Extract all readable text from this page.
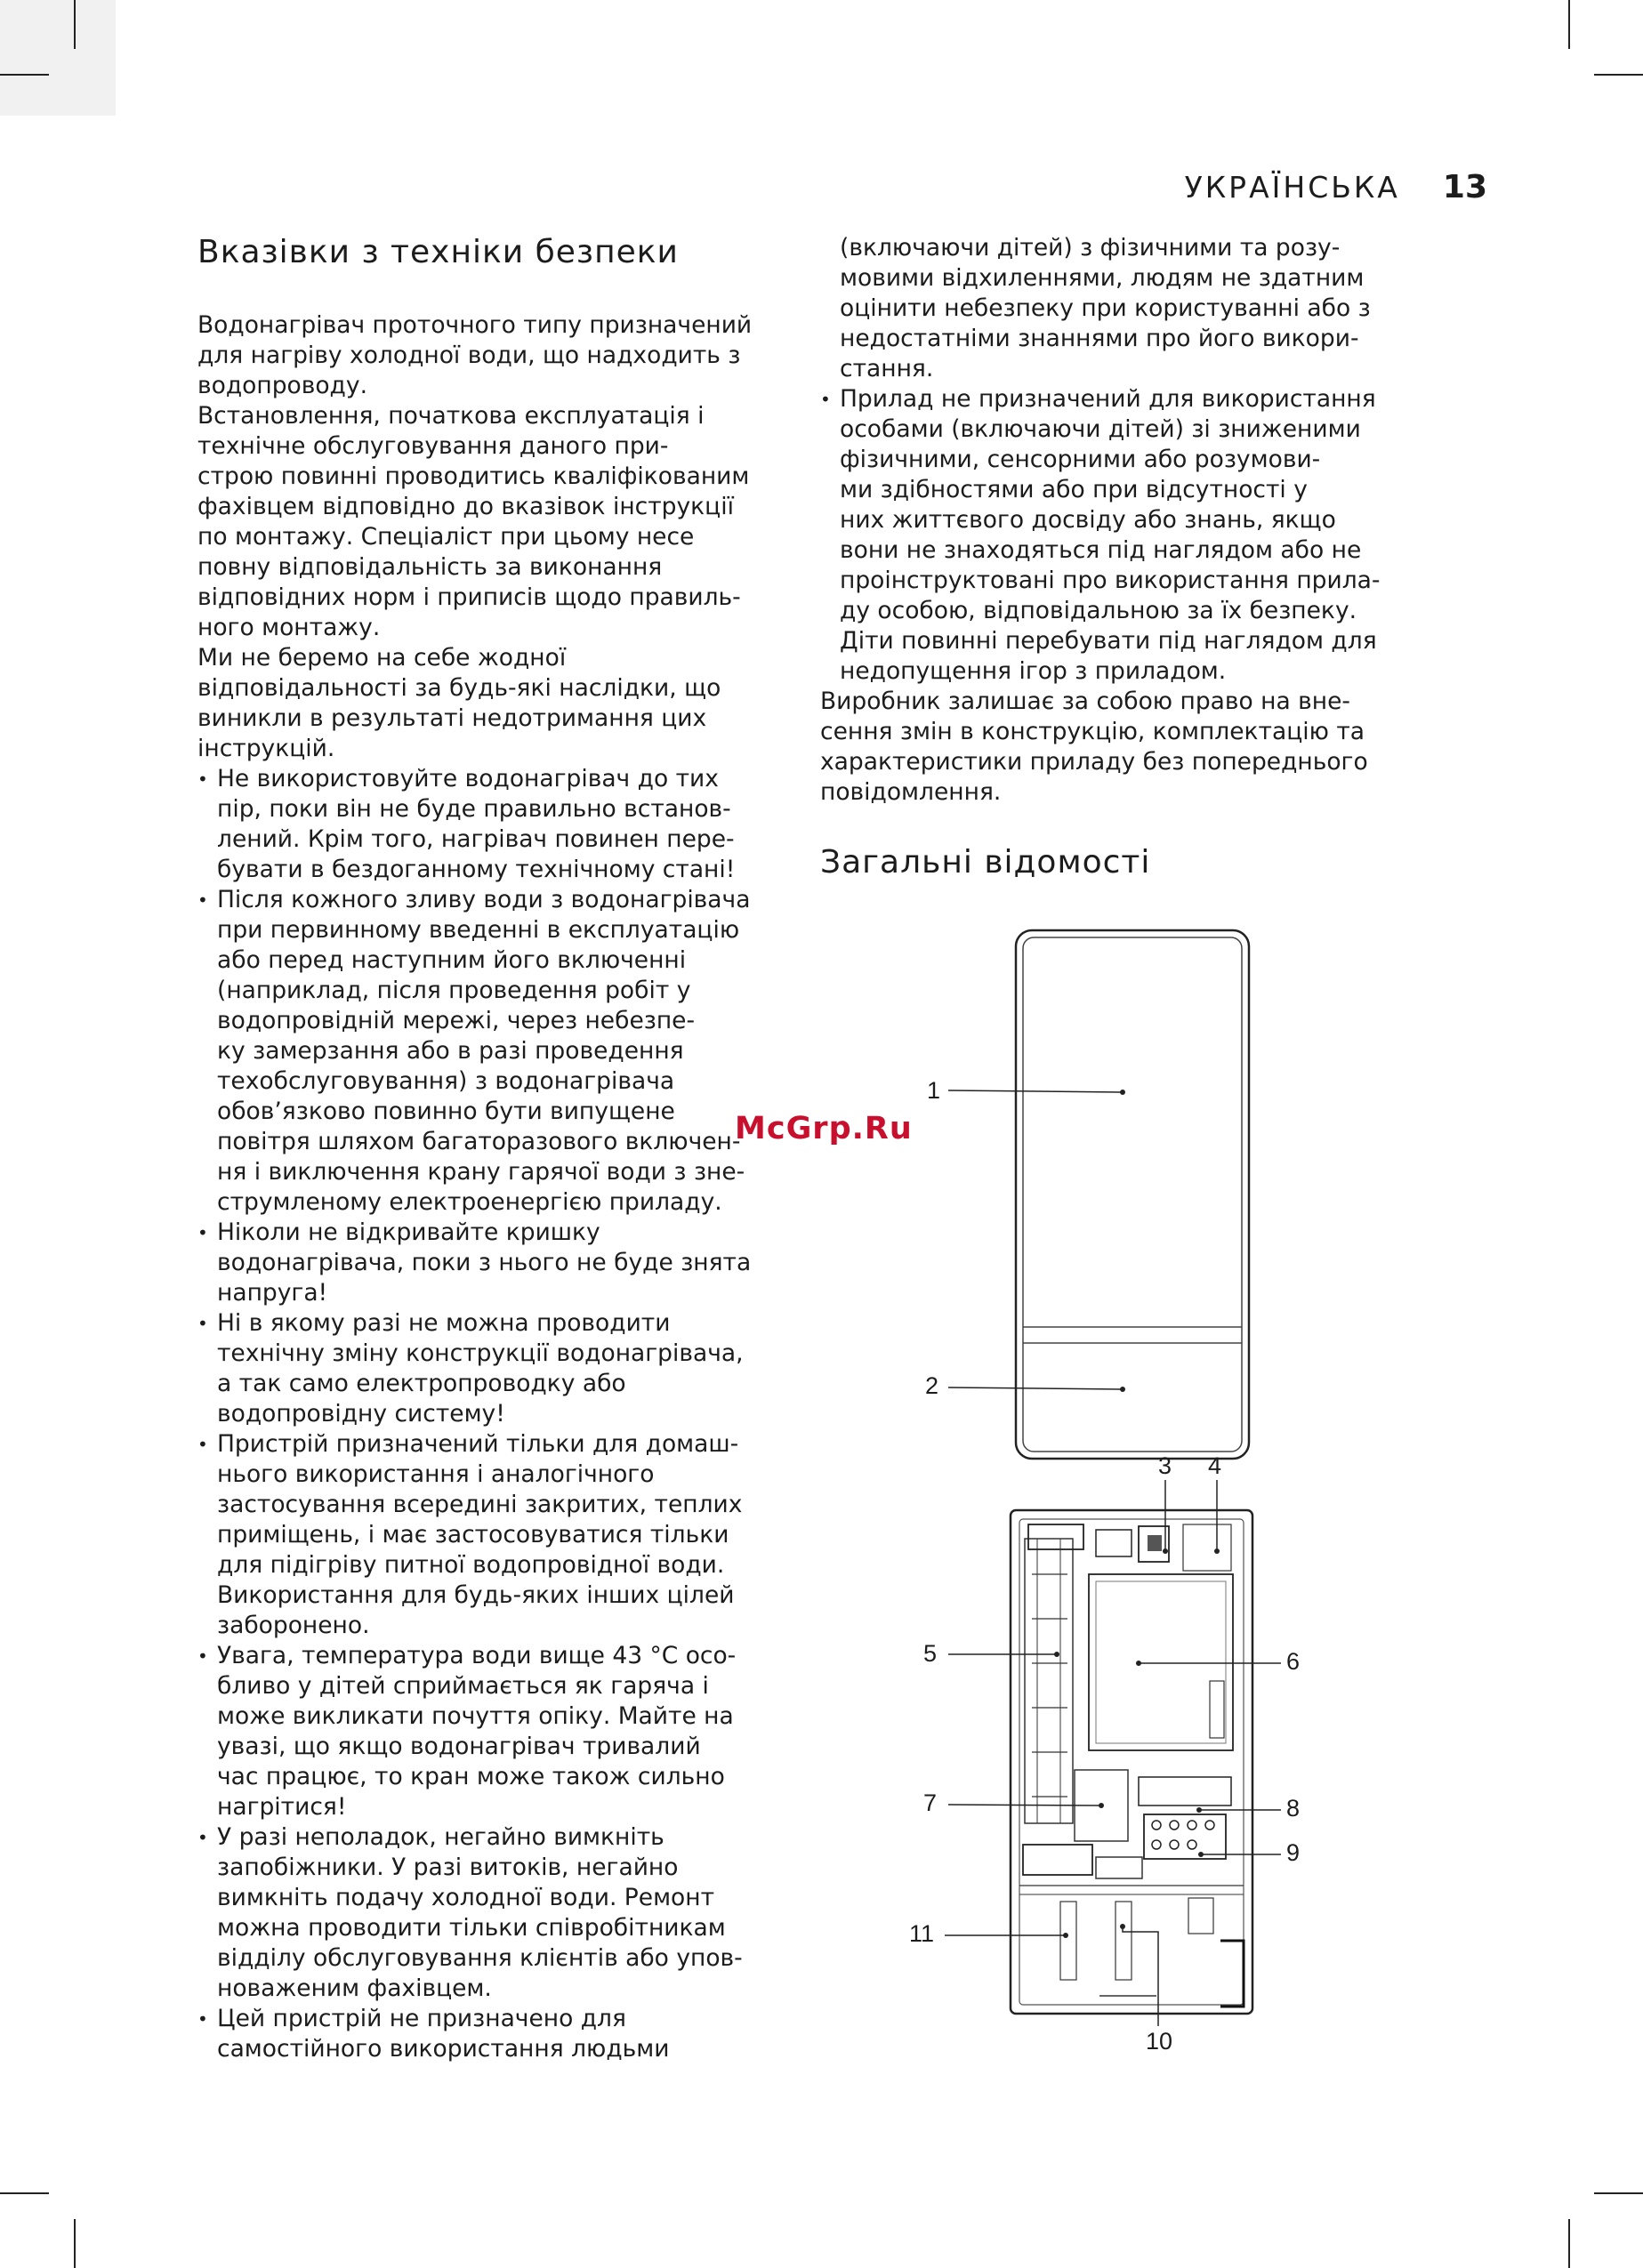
УКРАЇНСЬКА 13
Вказівки з техніки безпеки

Водонагрівач проточного типу призначений
для нагріву холодної води, що надходить з
водопроводу.

Встановлення, початкова експлуатація і
технічне обслуговування даного при-
строю повинні проводитись кваліфікованим
фахівцем відповідно до вказівок інструкції
по монтажу. Спеціаліст при цьому несе
повну відповідальність за виконання
відповідних норм і приписів щодо правиль-
ного монтажу.

Ми не беремо на себе жодної
відповідальності за будь-які наслідки, що
виникли в результаті недотримання цих
інструкцій.

• Не використовуйте водонагрівач до тих
пір, поки він не буде правильно встанов-
лений. Крім того, нагрівач повинен пере-
бувати в бездоганному технічному стані!

• Після кожного зливу води з водонагрівача
при первинному введенні в експлуатацію
або перед наступним його включенні
(наприклад, після проведення робіт у
водопровідній мережі, через небезпе-
ку замерзання або в разі проведення
техобслуговування) з водонагрівача
обов’язково повинно бути випущене
повітря шляхом багаторазового включен-
ня і виключення крану гарячої води з зне-
струмленому електроенергією приладу.

• Ніколи не відкривайте кришку
водонагрівача, поки з нього не буде знята
напруга!

• Ні в якому разі не можна проводити
технічну зміну конструкції водонагрівача,
а так само електропроводку або
водопровідну систему!

• Пристрій призначений тільки для домаш-
нього використання і аналогічного
застосування всередині закритих, теплих
приміщень, і має застосовуватися тільки
для підігріву питної водопровідної води.
Використання для будь-яких інших цілей
заборонено.

• Увага, температура води вище 43 °С осо-
бливо у дітей сприймається як гаряча і
може викликати почуття опіку. Майте на
увазі, що якщо водонагрівач тривалий
час працює, то кран може також сильно
нагрітися!

• У разі неполадок, негайно вимкніть
запобіжники. У разі витоків, негайно
вимкніть подачу холодної води. Ремонт
можна проводити тільки співробітникам
відділу обслуговування клієнтів або упов-
новаженим фахівцем.

• Цей пристрій не призначено для
самостійного використання людьми

(включаючи дітей) з фізичними та розу-
мовими відхиленнями, людям не здатним
оцінити небезпеку при користуванні або з
недостатніми знаннями про його викори-
стання.

• Прилад не призначений для використання
особами (включаючи дітей) зі зниженими
фізичними, сенсорними або розумови-
ми здібностями або при відсутності у
них життєвого досвіду або знань, якщо
вони не знаходяться під наглядом або не
проінструктовані про використання прила-
ду особою, відповідальною за їх безпеку.
Діти повинні перебувати під наглядом для
недопущення ігор з приладом.

Виробник залишає за собою право на вне-
сення змін в конструкцію, комплектацію та
характеристики приладу без попереднього
повідомлення.

Загальні відомості
McGrp.Ru
1
2
3 4
5	6
7	8
9
10
11
